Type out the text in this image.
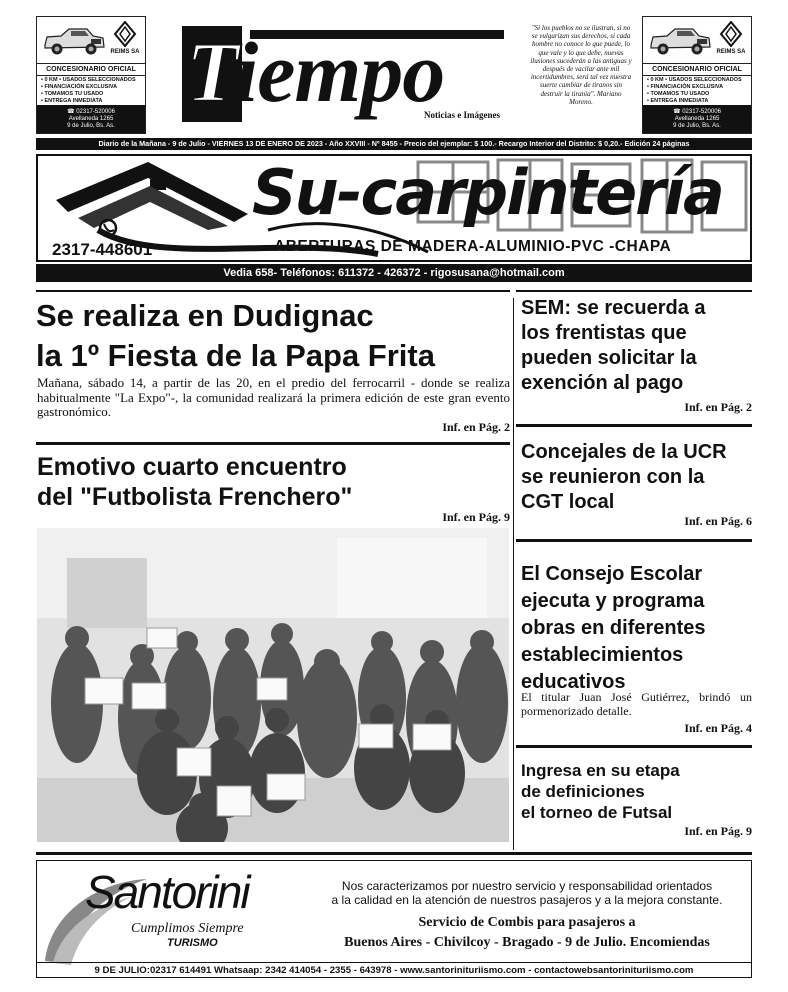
REIMS SA
CONCESIONARIO OFICIAL
• 0 KM • USADOS SELECCIONADOS
• FINANCIACIÓN EXCLUSIVA
• TOMAMOS TU USADO
• ENTREGA INMEDIATA
☎ 02317-520006
Avellaneda 1265
9 de Julio, Bs. As.
Tiempo
Noticias e Imágenes
"Si los pueblos no se ilustran, si no se vulgarizan sus derechos, si cada hombre no conoce lo que puede, lo que vale y lo que debe, nuevas ilusiones sucederán a las antiguas y después de vacilar ante mil incertidumbres, será tal vez nuestra suerte cambiar de tiranos sin destruir la tiranía". Mariano Moreno.
REIMS SA
CONCESIONARIO OFICIAL
• 0 KM • USADOS SELECCIONADOS
• FINANCIACIÓN EXCLUSIVA
• TOMAMOS TU USADO
• ENTREGA INMEDIATA
☎ 02317-520006
Avellaneda 1265
9 de Julio, Bs. As.
Diario de la Mañana - 9 de Julio - VIERNES 13 DE ENERO DE 2023 - Año XXVIII - Nº 8455 - Precio del ejemplar: $ 100.- Recargo Interior del Distrito: $ 0,20.- Edición 24 páginas
Su-carpintería
2317-448601	ABERTURAS DE MADERA-ALUMINIO-PVC -CHAPA
Vedia 658- Teléfonos: 611372 - 426372 - rigosusana@hotmail.com
Se realiza en Dudignac
la 1º Fiesta de la Papa Frita
Mañana, sábado 14, a partir de las 20, en el predio del ferrocarril - donde se realiza habitualmente "La Expo"-, la comunidad realizará la primera edición de este gran evento gastronómico.
Inf. en Pág. 2
Emotivo cuarto encuentro
del "Futbolista Frenchero"
Inf. en Pág. 9
SEM: se recuerda a
los frentistas que
pueden solicitar la
exención al pago
Inf. en Pág. 2
Concejales de la UCR
se reunieron con la
CGT local
Inf. en Pág. 6
El Consejo Escolar
ejecuta y programa
obras en diferentes
establecimientos
educativos
El titular Juan José Gutiérrez, brindó un pormenorizado detalle.
Inf. en Pág. 4
Ingresa en su etapa
de definiciones
el torneo de Futsal
Inf. en Pág. 9
Santorini
Cumplimos Siempre
TURISMO
Nos caracterizamos por nuestro servicio y responsabilidad orientados
a la calidad en la atención de nuestros pasajeros y a la mejora constante.
Servicio de Combis para pasajeros a
Buenos Aires - Chivilcoy - Bragado - 9 de Julio. Encomiendas
9 DE JULIO:02317 614491 Whatsaap: 2342 414054 - 2355 - 643978 - www.santorinituriismo.com - contactowebsantorinituriismo.com
